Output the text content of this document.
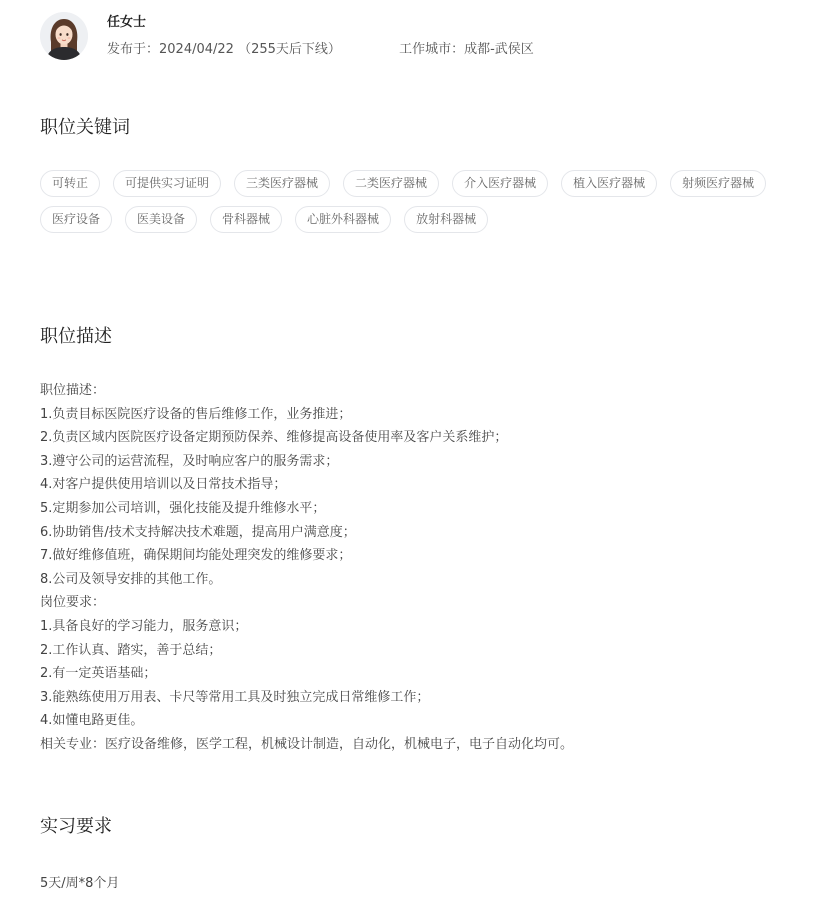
任女士
发布于：2024/04/22 （255天后下线）	工作城市：成都-武侯区
职位关键词
可转正	可提供实习证明	三类医疗器械	二类医疗器械	介入医疗器械	植入医疗器械	射频医疗器械
医疗设备	医美设备	骨科器械	心脏外科器械	放射科器械
职位描述
职位描述：
1.负责目标医院医疗设备的售后维修工作，业务推进；
2.负责区域内医院医疗设备定期预防保养、维修提高设备使用率及客户关系维护；
3.遵守公司的运营流程，及时响应客户的服务需求；
4.对客户提供使用培训以及日常技术指导；
5.定期参加公司培训，强化技能及提升维修水平；
6.协助销售/技术支持解决技术难题，提高用户满意度；
7.做好维修值班，确保期间均能处理突发的维修要求；
8.公司及领导安排的其他工作。
岗位要求：
1.具备良好的学习能力，服务意识；
2.工作认真、踏实，善于总结；
2.有一定英语基础；
3.能熟练使用万用表、卡尺等常用工具及时独立完成日常维修工作；
4.如懂电路更佳。
相关专业：医疗设备维修，医学工程，机械设计制造，自动化，机械电子，电子自动化均可。
实习要求
5天/周*8个月
